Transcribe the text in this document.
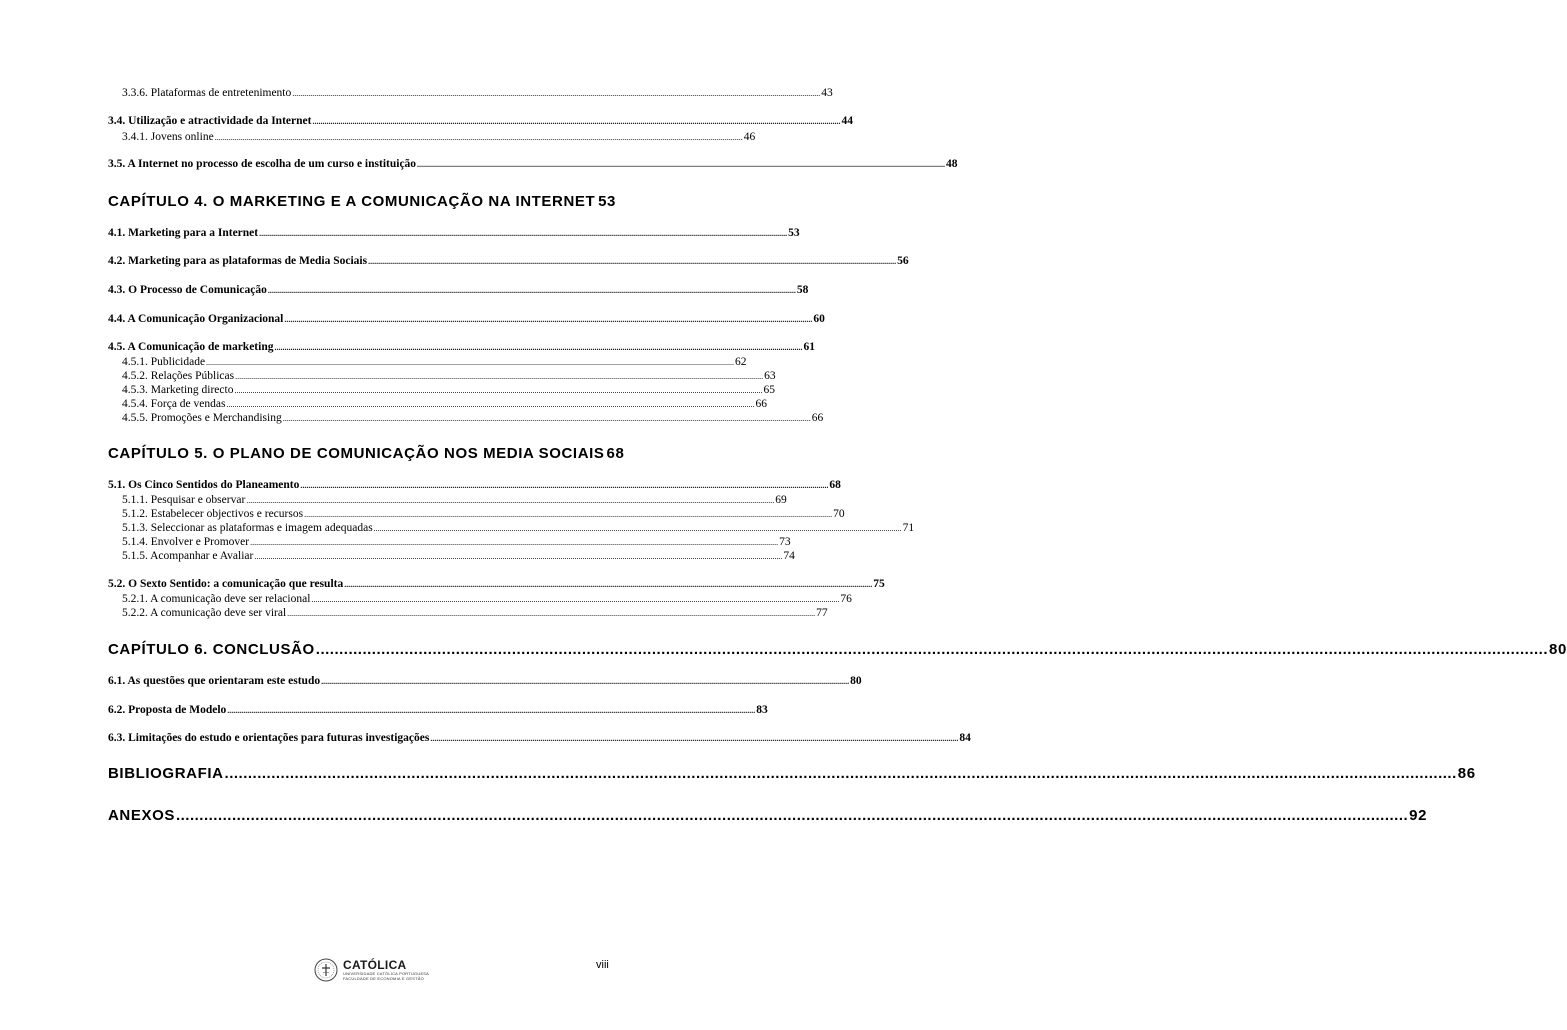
3.3.6. Plataformas de entretenimento .....	43
3.4. Utilização e atractividade da Internet .....	44
3.4.1. Jovens online .....	46
3.5. A Internet no processo de escolha de um curso e instituição .....	48
CAPÍTULO 4. O MARKETING E A COMUNICAÇÃO NA INTERNET ..... 53
4.1. Marketing para a Internet .....	53
4.2. Marketing para as plataformas de Media Sociais .....	56
4.3. O Processo de Comunicação .....	58
4.4. A Comunicação Organizacional .....	60
4.5. A Comunicação de marketing .....	61
4.5.1. Publicidade .....	62
4.5.2. Relações Públicas .....	63
4.5.3. Marketing directo .....	65
4.5.4. Força de vendas .....	66
4.5.5. Promoções e Merchandising .....	66
CAPÍTULO 5. O PLANO DE COMUNICAÇÃO NOS MEDIA SOCIAIS 68
5.1. Os Cinco Sentidos do Planeamento .....	68
5.1.1. Pesquisar e observar .....	69
5.1.2. Estabelecer objectivos e recursos .....	70
5.1.3. Seleccionar as plataformas e imagem adequadas .....	71
5.1.4. Envolver e Promover .....	73
5.1.5. Acompanhar e Avaliar .....	74
5.2. O Sexto Sentido: a comunicação que resulta .....	75
5.2.1. A comunicação deve ser relacional .....	76
5.2.2. A comunicação deve ser viral .....	77
CAPÍTULO 6. CONCLUSÃO .....	80
6.1. As questões que orientaram este estudo .....	80
6.2. Proposta de Modelo .....	83
6.3. Limitações do estudo e orientações para futuras investigações .....	84
BIBLIOGRAFIA .....	86
ANEXOS .....	92
CATÓLICA
UNIVERSIDADE CATÓLICA PORTUGUESA
FACULDADE DE ECONOMIA E GESTÃO
viii
